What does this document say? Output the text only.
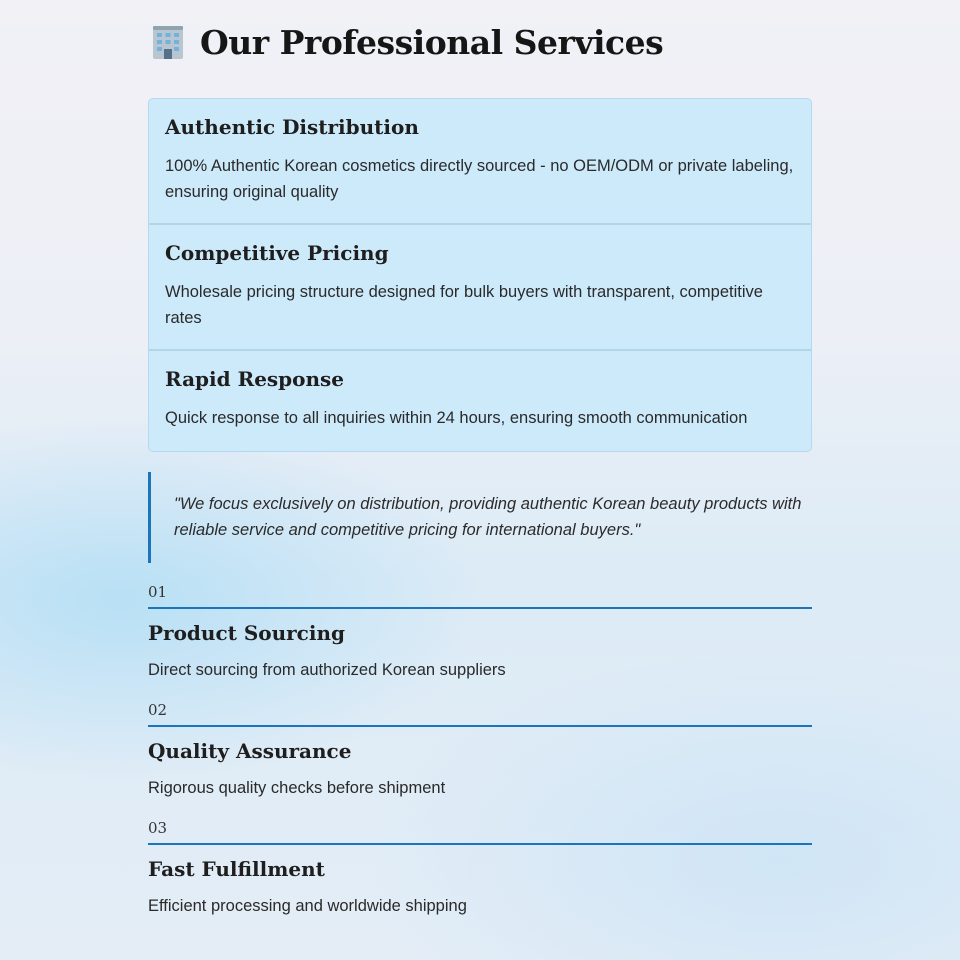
Our Professional Services
Authentic Distribution
100% Authentic Korean cosmetics directly sourced - no OEM/ODM or private labeling, ensuring original quality
Competitive Pricing
Wholesale pricing structure designed for bulk buyers with transparent, competitive rates
Rapid Response
Quick response to all inquiries within 24 hours, ensuring smooth communication
"We focus exclusively on distribution, providing authentic Korean beauty products with reliable service and competitive pricing for international buyers."
01
Product Sourcing
Direct sourcing from authorized Korean suppliers
02
Quality Assurance
Rigorous quality checks before shipment
03
Fast Fulfillment
Efficient processing and worldwide shipping
